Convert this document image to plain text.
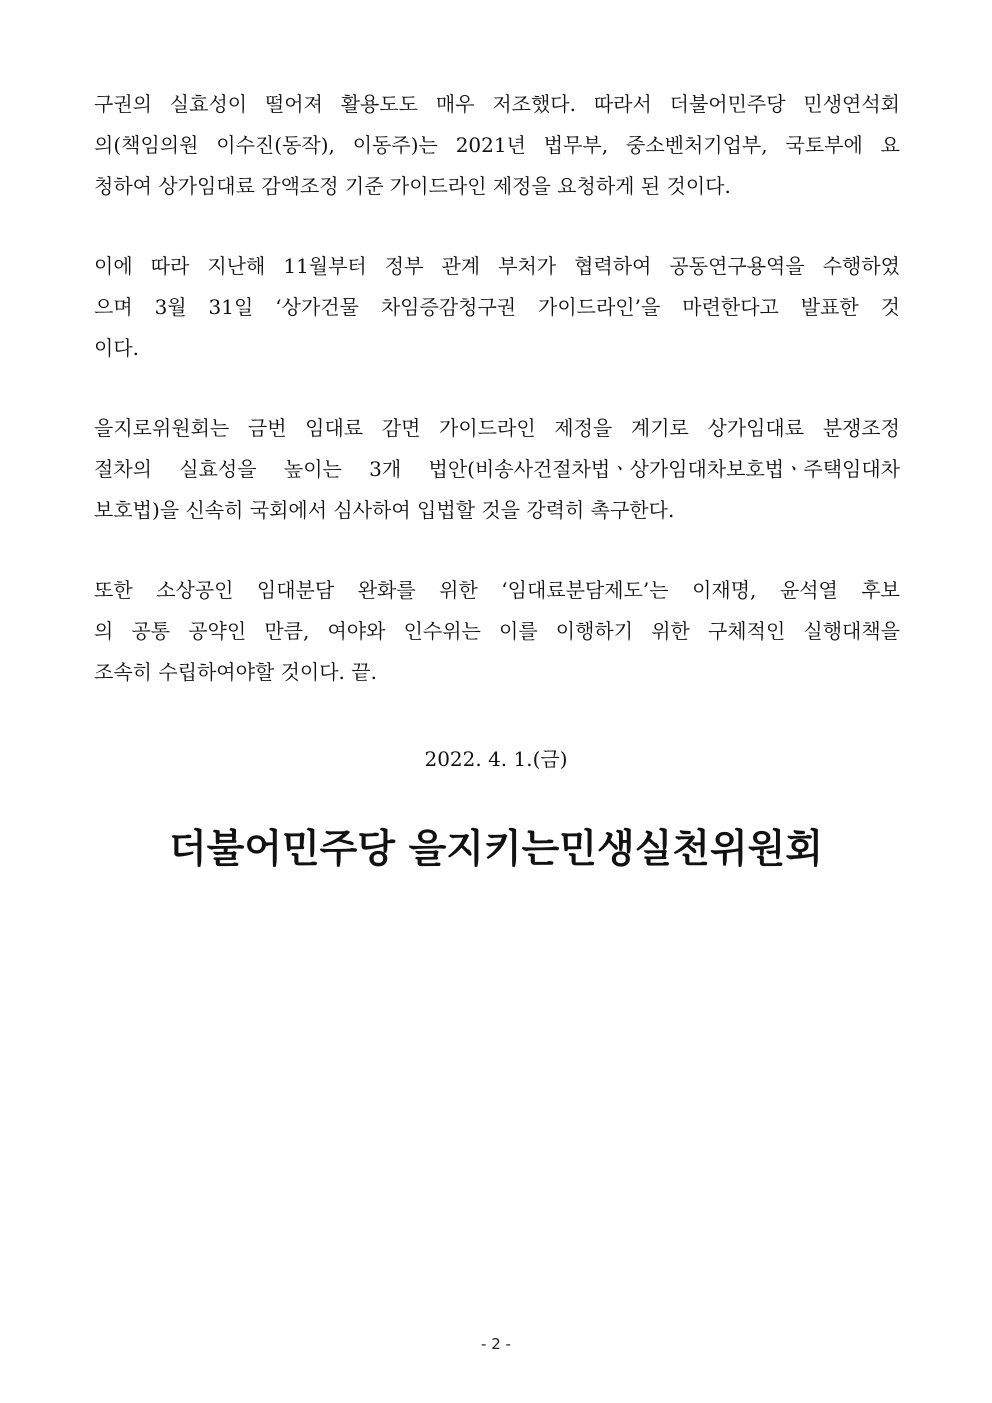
구권의 실효성이 떨어져 활용도도 매우 저조했다. 따라서 더불어민주당 민생연석회
의(책임의원 이수진(동작), 이동주)는 2021년 법무부, 중소벤처기업부, 국토부에 요
청하여 상가임대료 감액조정 기준 가이드라인 제정을 요청하게 된 것이다.

이에 따라 지난해 11월부터 정부 관계 부처가 협력하여 공동연구용역을 수행하였
으며 3월 31일 ‘상가건물 차임증감청구권 가이드라인’을 마련한다고 발표한 것
이다.

을지로위원회는 금번 임대료 감면 가이드라인 제정을 계기로 상가임대료 분쟁조정
절차의 실효성을 높이는 3개 법안(비송사건절차법ㆍ상가임대차보호법ㆍ주택임대차
보호법)을 신속히 국회에서 심사하여 입법할 것을 강력히 촉구한다.

또한 소상공인 임대분담 완화를 위한 ‘임대료분담제도’는 이재명, 윤석열 후보
의 공통 공약인 만큼, 여야와 인수위는 이를 이행하기 위한 구체적인 실행대책을
조속히 수립하여야할 것이다. 끝.

2022. 4. 1.(금)
더불어민주당 을지키는민생실천위원회
- 2 -
